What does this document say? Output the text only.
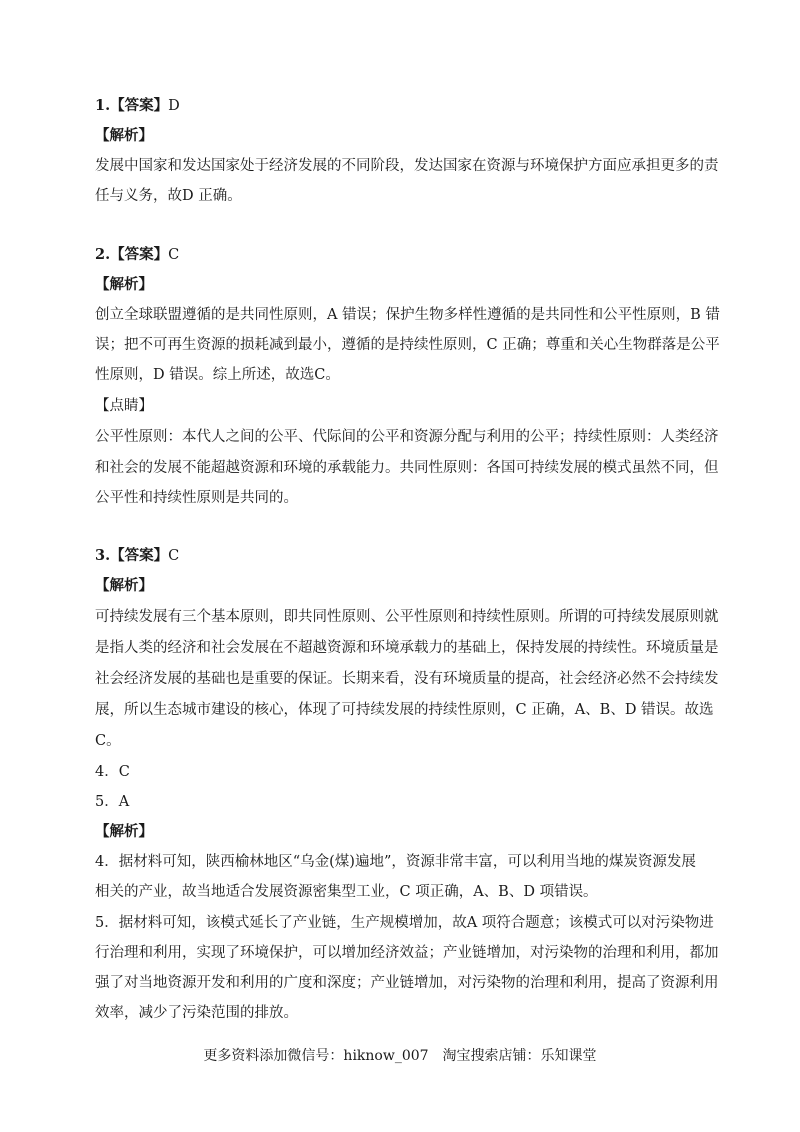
1.【答案】D
【解析】
发展中国家和发达国家处于经济发展的不同阶段，发达国家在资源与环境保护方面应承担更多的责
任与义务，故D 正确。
2.【答案】C
【解析】
创立全球联盟遵循的是共同性原则，A 错误；保护生物多样性遵循的是共同性和公平性原则，B 错
误；把不可再生资源的损耗减到最小，遵循的是持续性原则，C 正确；尊重和关心生物群落是公平
性原则，D 错误。综上所述，故选C。
【点睛】
公平性原则：本代人之间的公平、代际间的公平和资源分配与利用的公平；持续性原则：人类经济
和社会的发展不能超越资源和环境的承载能力。共同性原则：各国可持续发展的模式虽然不同，但
公平性和持续性原则是共同的。
3.【答案】C
【解析】
可持续发展有三个基本原则，即共同性原则、公平性原则和持续性原则。所谓的可持续发展原则就
是指人类的经济和社会发展在不超越资源和环境承载力的基础上，保持发展的持续性。环境质量是
社会经济发展的基础也是重要的保证。长期来看，没有环境质量的提高，社会经济必然不会持续发
展，所以生态城市建设的核心，体现了可持续发展的持续性原则，C 正确，A、B、D 错误。故选
C。
4．C
5．A
【解析】
4．据材料可知，陕西榆林地区“乌金(煤)遍地”，资源非常丰富，可以利用当地的煤炭资源发展
相关的产业，故当地适合发展资源密集型工业，C 项正确，A、B、D 项错误。
5．据材料可知，该模式延长了产业链，生产规模增加，故A 项符合题意；该模式可以对污染物进
行治理和利用，实现了环境保护，可以增加经济效益；产业链增加，对污染物的治理和利用，都加
强了对当地资源开发和利用的广度和深度；产业链增加，对污染物的治理和利用，提高了资源利用
效率，减少了污染范围的排放。
更多资料添加微信号：hiknow_007　淘宝搜索店铺：乐知课堂
